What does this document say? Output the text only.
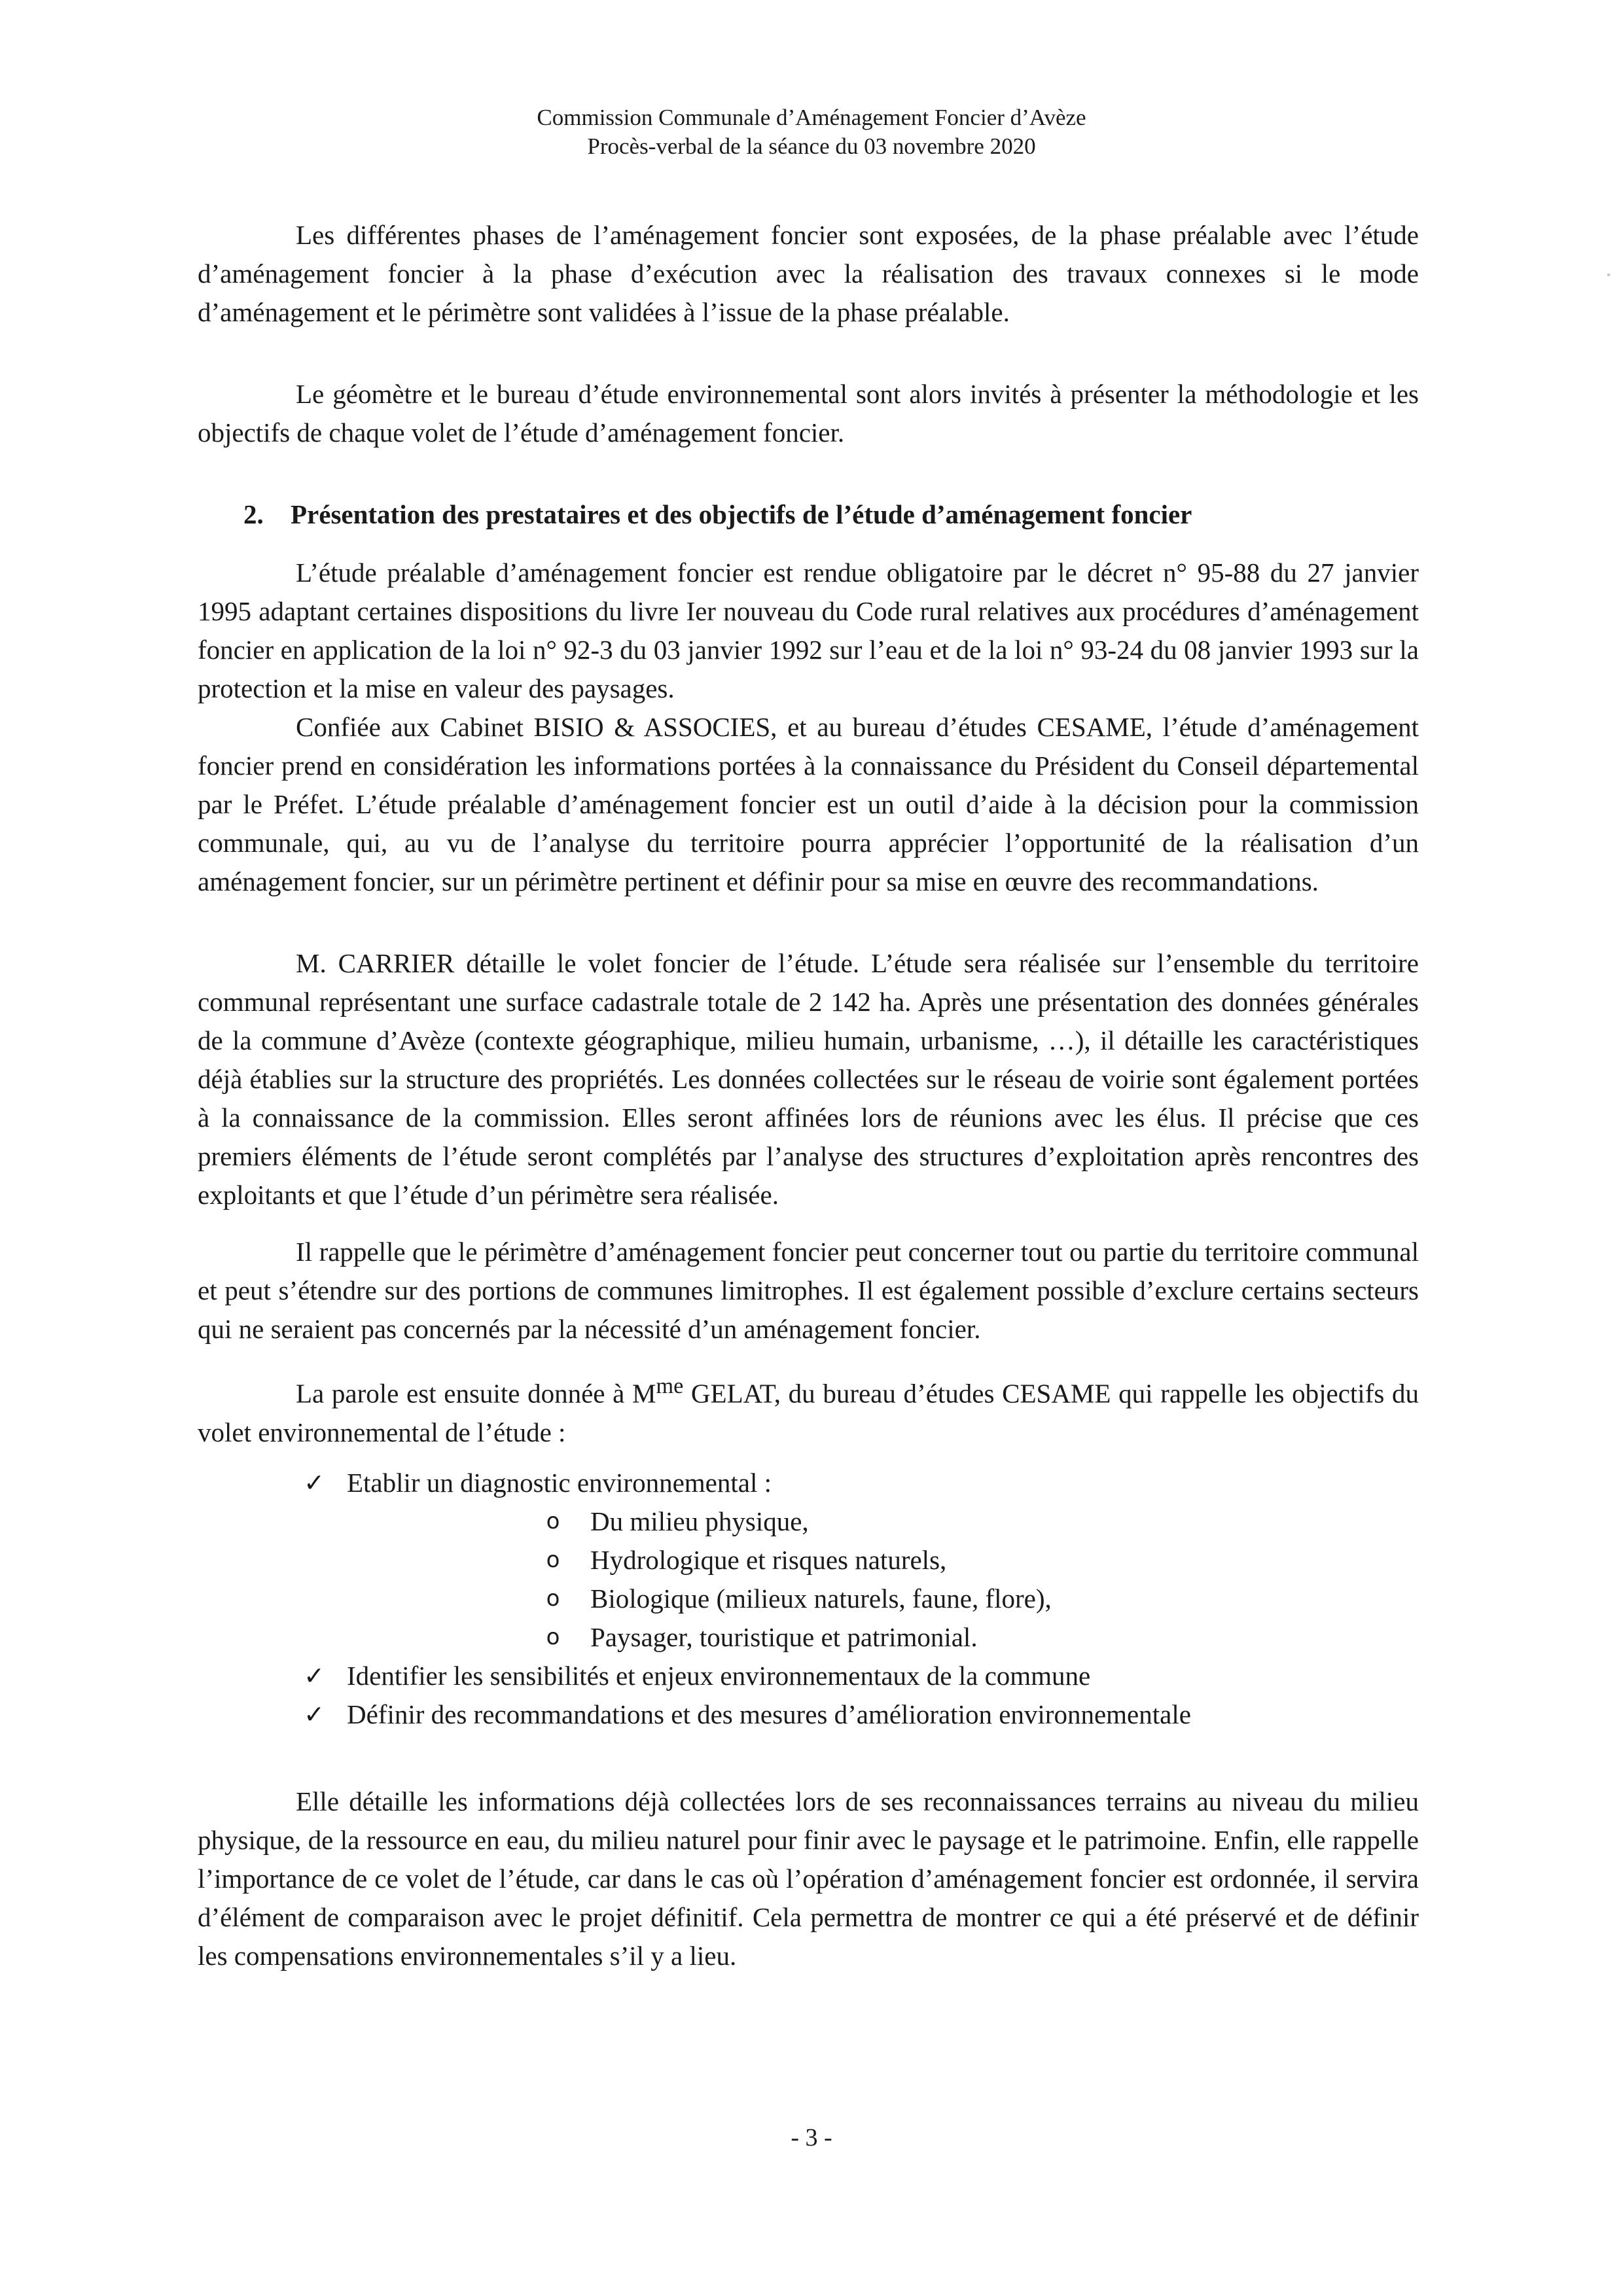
Commission Communale d’Aménagement Foncier d’Avèze
Procès-verbal de la séance du 03 novembre 2020

Les différentes phases de l’aménagement foncier sont exposées, de la phase préalable avec l’étude d’aménagement foncier à la phase d’exécution avec la réalisation des travaux connexes si le mode d’aménagement et le périmètre sont validées à l’issue de la phase préalable.

Le géomètre et le bureau d’étude environnemental sont alors invités à présenter la méthodologie et les objectifs de chaque volet de l’étude d’aménagement foncier.

2. Présentation des prestataires et des objectifs de l’étude d’aménagement foncier

L’étude préalable d’aménagement foncier est rendue obligatoire par le décret n° 95-88 du 27 janvier 1995 adaptant certaines dispositions du livre Ier nouveau du Code rural relatives aux procédures d’aménagement foncier en application de la loi n° 92-3 du 03 janvier 1992 sur l’eau et de la loi n° 93-24 du 08 janvier 1993 sur la protection et la mise en valeur des paysages.

Confiée aux Cabinet BISIO & ASSOCIES, et au bureau d’études CESAME, l’étude d’aménagement foncier prend en considération les informations portées à la connaissance du Président du Conseil départemental par le Préfet. L’étude préalable d’aménagement foncier est un outil d’aide à la décision pour la commission communale, qui, au vu de l’analyse du territoire pourra apprécier l’opportunité de la réalisation d’un aménagement foncier, sur un périmètre pertinent et définir pour sa mise en œuvre des recommandations.

M. CARRIER détaille le volet foncier de l’étude. L’étude sera réalisée sur l’ensemble du territoire communal représentant une surface cadastrale totale de 2 142 ha. Après une présentation des données générales de la commune d’Avèze (contexte géographique, milieu humain, urbanisme, …), il détaille les caractéristiques déjà établies sur la structure des propriétés. Les données collectées sur le réseau de voirie sont également portées à la connaissance de la commission. Elles seront affinées lors de réunions avec les élus. Il précise que ces premiers éléments de l’étude seront complétés par l’analyse des structures d’exploitation après rencontres des exploitants et que l’étude d’un périmètre sera réalisée.

Il rappelle que le périmètre d’aménagement foncier peut concerner tout ou partie du territoire communal et peut s’étendre sur des portions de communes limitrophes. Il est également possible d’exclure certains secteurs qui ne seraient pas concernés par la nécessité d’un aménagement foncier.

La parole est ensuite donnée à $M^{me}$ GELAT, du bureau d’études CESAME qui rappelle les objectifs du volet environnemental de l’étude :

✓ Etablir un diagnostic environnemental :
o Du milieu physique,
o Hydrologique et risques naturels,
o Biologique (milieux naturels, faune, flore),
o Paysager, touristique et patrimonial.
✓ Identifier les sensibilités et enjeux environnementaux de la commune
✓ Définir des recommandations et des mesures d’amélioration environnementale

Elle détaille les informations déjà collectées lors de ses reconnaissances terrains au niveau du milieu physique, de la ressource en eau, du milieu naturel pour finir avec le paysage et le patrimoine. Enfin, elle rappelle l’importance de ce volet de l’étude, car dans le cas où l’opération d’aménagement foncier est ordonnée, il servira d’élément de comparaison avec le projet définitif. Cela permettra de montrer ce qui a été préservé et de définir les compensations environnementales s’il y a lieu.

- 3 -
